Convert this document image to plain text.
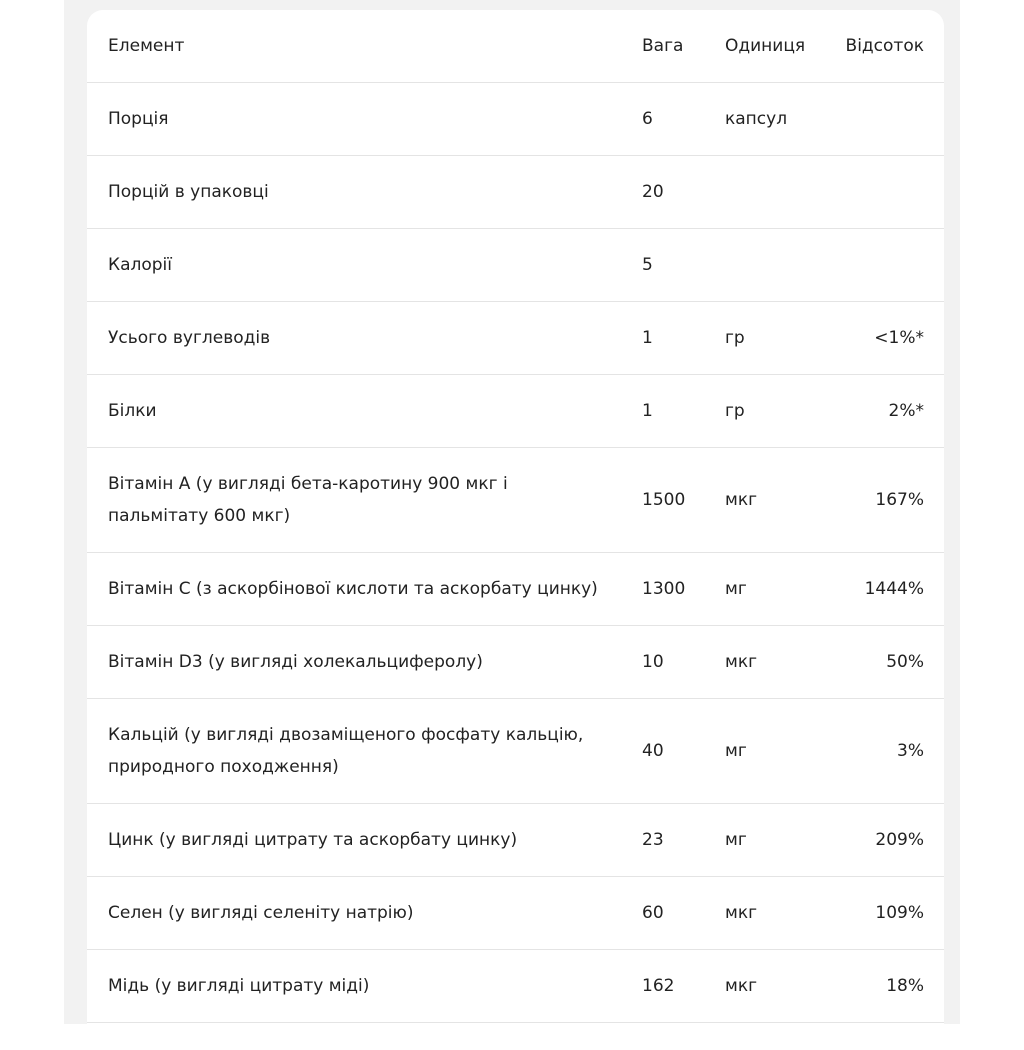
Елемент	Вага	Одиниця	Відсоток
Порція	6	капсул	
Порцій в упаковці	20		
Калорії	5		
Усього вуглеводів	1	гр	<1%*
Білки	1	гр	2%*
Вітамін А (у вигляді бета-каротину 900 мкг і пальмітату 600 мкг)	1500	мкг	167%
Вітамін С (з аскорбінової кислоти та аскорбату цинку)	1300	мг	1444%
Вітамін D3 (у вигляді холекальциферолу)	10	мкг	50%
Кальцій (у вигляді двозаміщеного фосфату кальцію, природного походження)	40	мг	3%
Цинк (у вигляді цитрату та аскорбату цинку)	23	мг	209%
Селен (у вигляді селеніту натрію)	60	мкг	109%
Мідь (у вигляді цитрату міді)	162	мкг	18%
